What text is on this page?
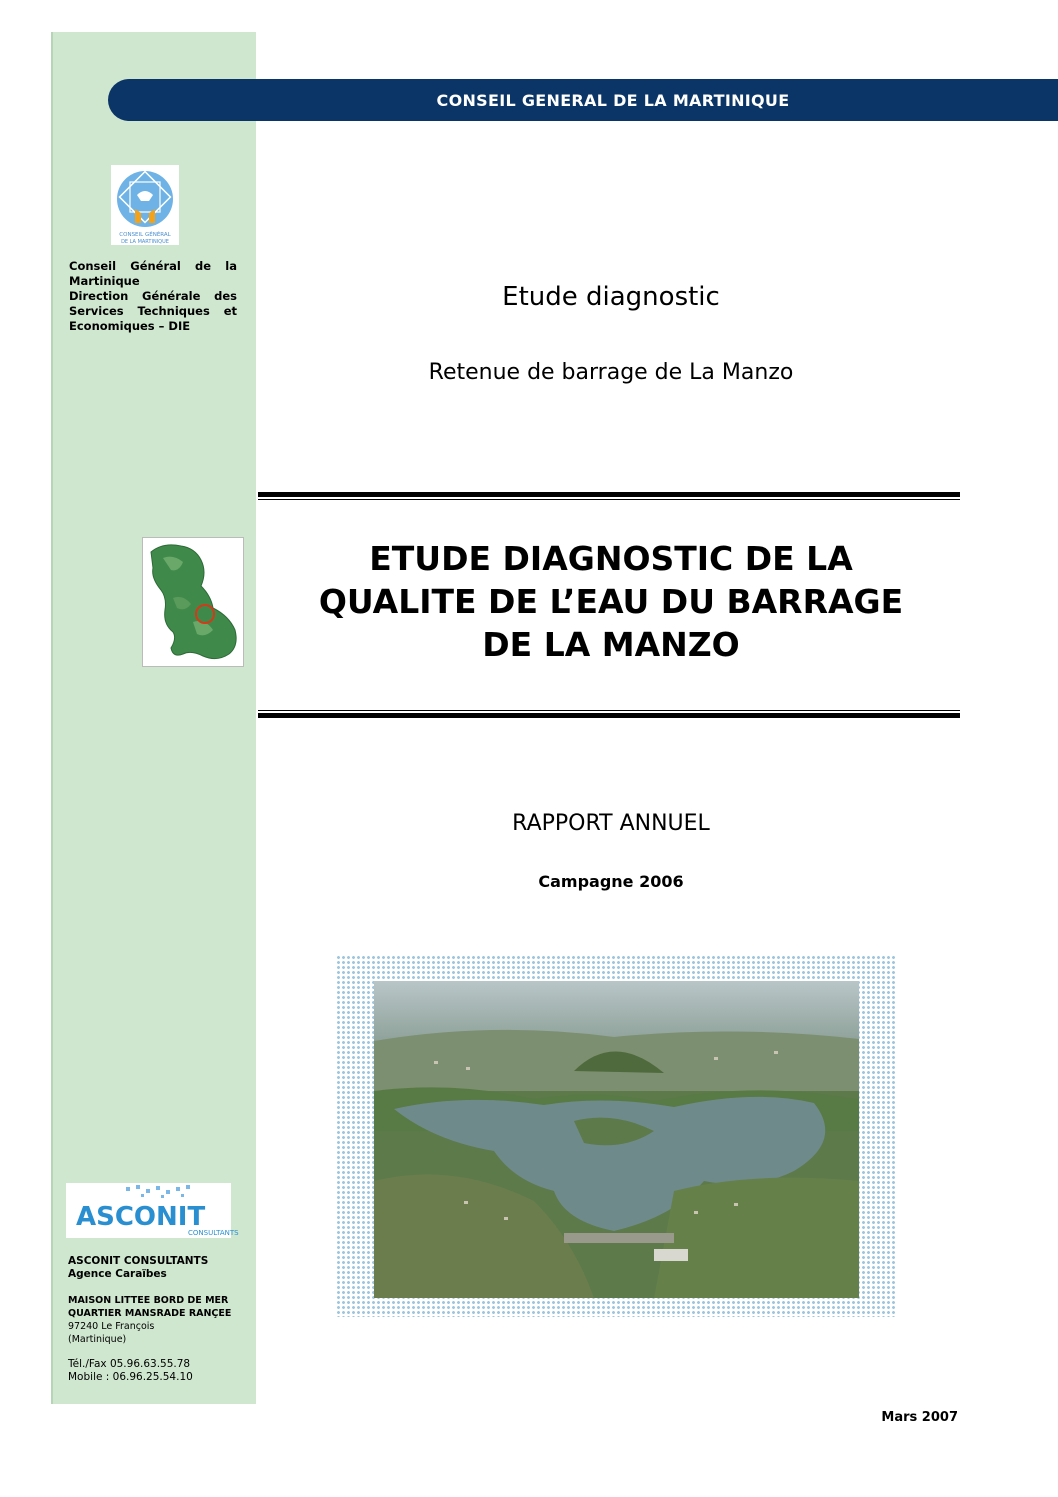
CONSEIL GENERAL DE LA MARTINIQUE
CONSEIL GÉNÉRAL
DE LA MARTINIQUE
Conseil Général de la Martinique
Direction Générale des Services Techniques et Economiques – DIE
Etude diagnostic
Retenue de barrage de La Manzo
ETUDE DIAGNOSTIC DE LA
QUALITE DE L’EAU DU BARRAGE
DE LA MANZO
RAPPORT ANNUEL
Campagne 2006
ASCONIT
CONSULTANTS
ASCONIT CONSULTANTS
Agence Caraïbes
MAISON LITTEE BORD DE MER
QUARTIER MANSRADE RANÇEE
97240 Le François
(Martinique)
Tél./Fax 05.96.63.55.78
Mobile : 06.96.25.54.10
Mars 2007
